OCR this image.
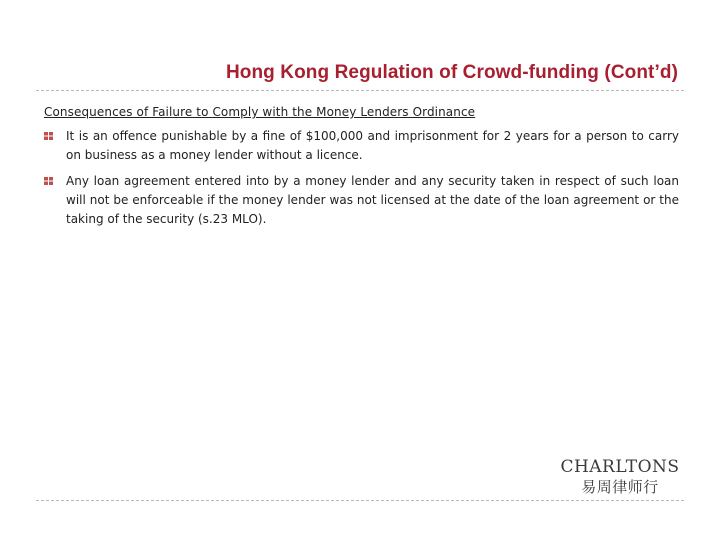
Hong Kong Regulation of Crowd-funding (Cont’d)
Consequences of Failure to Comply with the Money Lenders Ordinance
It is an offence punishable by a fine of $100,000 and imprisonment for 2 years for a person to carry on business as a money lender without a licence.
Any loan agreement entered into by a money lender and any security taken in respect of such loan will not be enforceable if the money lender was not licensed at the date of the loan agreement or the taking of the security (s.23 MLO).
CHARLTONS
易周律师行
